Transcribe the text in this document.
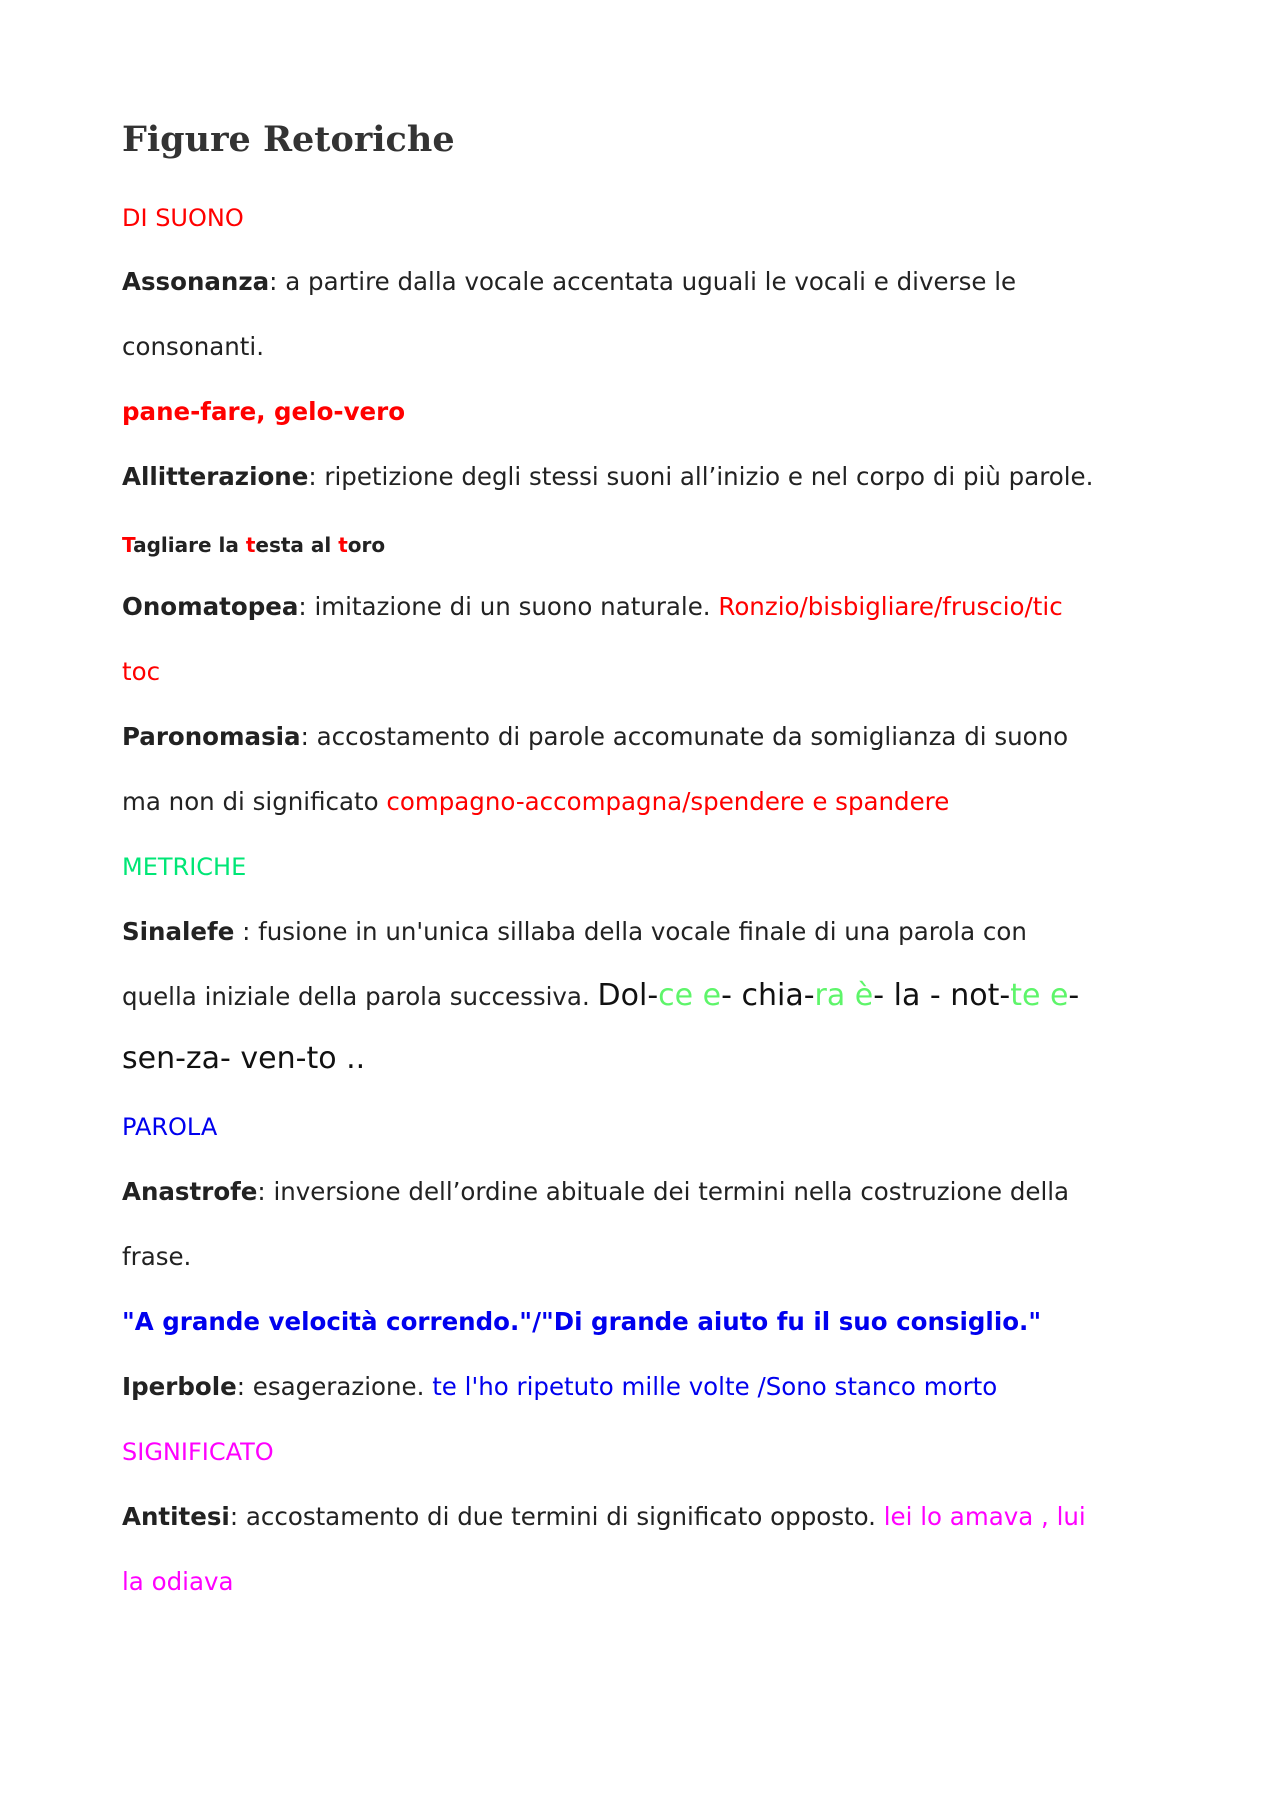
Figure Retoriche

DI SUONO

Assonanza: a partire dalla vocale accentata uguali le vocali e diverse le

consonanti.

pane-fare, gelo-vero

Allitterazione: ripetizione degli stessi suoni all’inizio e nel corpo di più parole.

Tagliare la testa al toro

Onomatopea: imitazione di un suono naturale. Ronzio/bisbigliare/fruscio/tic

toc

Paronomasia: accostamento di parole accomunate da somiglianza di suono

ma non di significato compagno-accompagna/spendere e spandere

METRICHE

Sinalefe : fusione in un'unica sillaba della vocale finale di una parola con

quella iniziale della parola successiva. Dol-ce e- chia-ra è- la - not-te e-

sen-za- ven-to ..

PAROLA

Anastrofe: inversione dell’ordine abituale dei termini nella costruzione della

frase.

"A grande velocità correndo."/"Di grande aiuto fu il suo consiglio."

Iperbole: esagerazione. te l'ho ripetuto mille volte /Sono stanco morto

SIGNIFICATO

Antitesi: accostamento di due termini di significato opposto. lei lo amava , lui

la odiava
